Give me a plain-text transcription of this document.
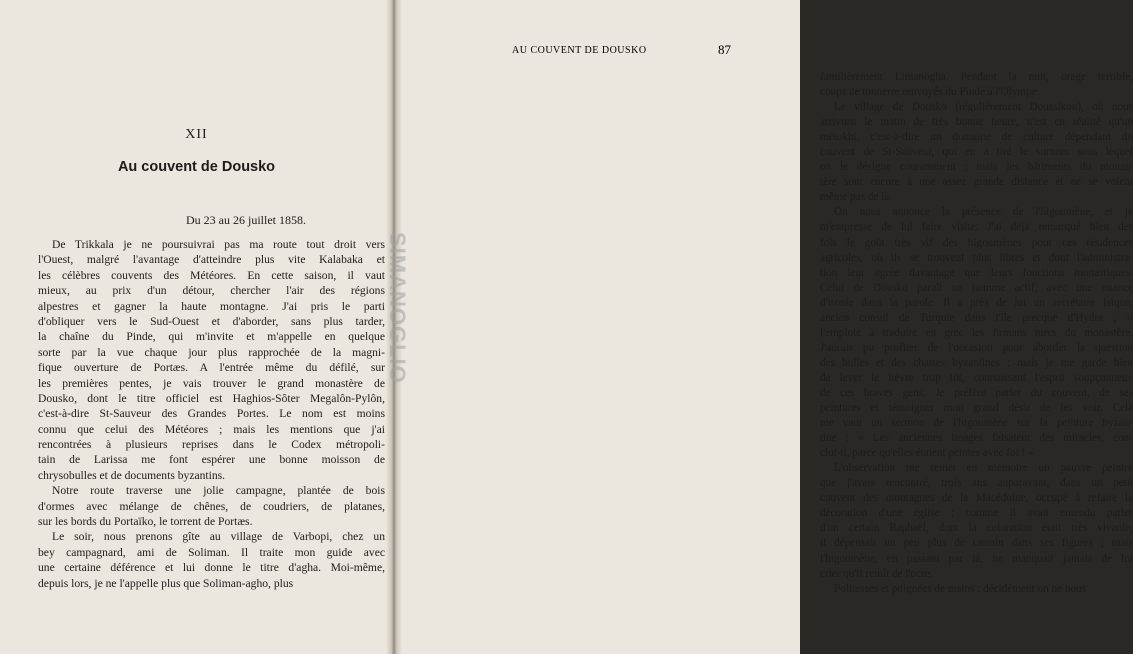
XII
Au couvent de Dousko
Du 23 au 26 juillet 1858.
De Trikkala je ne poursuivrai pas ma route tout droit vers
l'Ouest, malgré l'avantage d'atteindre plus vite Kalabaka et
les célèbres couvents des Météores. En cette saison, il vaut
mieux, au prix d'un détour, chercher l'air des régions
alpestres et gagner la haute montagne. J'ai pris le parti
d'obliquer vers le Sud-Ouest et d'aborder, sans plus tarder,
la chaîne du Pinde, qui m'invite et m'appelle en quelque
sorte par la vue chaque jour plus rapprochée de la magni-
fique ouverture de Portæs. A l'entrée même du défilé, sur
les premières pentes, je vais trouver le grand monastère de
Dousko, dont le titre officiel est Haghios-Sôter Megalôn-Pylôn,
c'est-à-dire St-Sauveur des Grandes Portes. Le nom est moins
connu que celui des Météores ; mais les mentions que j'ai
rencontrées à plusieurs reprises dans le Codex métropoli-
tain de Larissa me font espérer une bonne moisson de
chrysobulles et de documents byzantins.
Notre route traverse une jolie campagne, plantée de bois
d'ormes avec mélange de chênes, de coudriers, de platanes,
sur les bords du Portaïko, le torrent de Portæs.
Le soir, nous prenons gîte au village de Varbopi, chez un
bey campagnard, ami de Soliman. Il traite mon guide avec
une certaine déférence et lui donne le titre d'agha. Moi-même,
depuis lors, je ne l'appelle plus que Soliman-agho, plus
familièrement Limanogha. Pendant la nuit, orage terrible,
coups de tonnerre renvoyés du Pinde à l'Olympe.
Le village de Dousko (régulièrement Doussikon), où nous
arrivons le matin de très bonne heure, n'est en réalité qu'un
métokhi, c'est-à-dire un domaine de culture dépendant du
couvent de St-Sauveur, qui en a tiré le surnom sous lequel
on le désigne couramment ; mais les bâtiments du monas-
tère sont encore à une assez grande distance et ne se voient
même pas de là.
On nous annonce la présence de l'higoumène, et je
m'empresse de lui faire visite. J'ai déjà remarqué bien des
fois le goût très vif des higoumènes pour ces résidences
agricoles, où ils se trouvent plus libres et dont l'administra-
tion leur agrée davantage que leurs fonctions monastiques.
Celui de Dousko paraît un homme actif, avec une nuance
d'ironie dans la parole. Il a près de lui un secrétaire laïque,
ancien consul de Turquie dans l'île grecque d'Hydra ; il
l'emploie à traduire en grec les firmans turcs du monastère.
J'aurais pu profiter de l'occasion pour aborder la question
des bulles et des chartes byzantines ; mais je me garde bien
de lever le lièvre trop tôt, connaissant l'esprit soupçonneux
de ces braves gens. Je préfère parler du couvent, de ses
peintures et témoigner mon grand désir de les voir. Cela
me vaut un sermon de l'higoumène sur la peinture byzan-
tine : « Les anciennes images faisaient des miracles, con-
clut-il, parce qu'elles étaient peintes avec foi ! »
L'observation me remet en mémoire un pauvre peintre
que j'avais rencontré, trois ans auparavant, dans un petit
couvent des montagnes de la Macédoine, occupé à refaire la
décoration d'une église ; comme il avait entendu parler
d'un certain Raphaël, dont la coloration était très vivante,
il dépensait un peu plus de carmin dans ses figures ; mais
l'higoumène, en passant par là, ne manquait jamais de lui
crier qu'il remît de l'ocre.
Politesses et poignées de mains : décidément on ne nous
SIMANOGLIO
AU COUVENT DE DOUSKO	87
